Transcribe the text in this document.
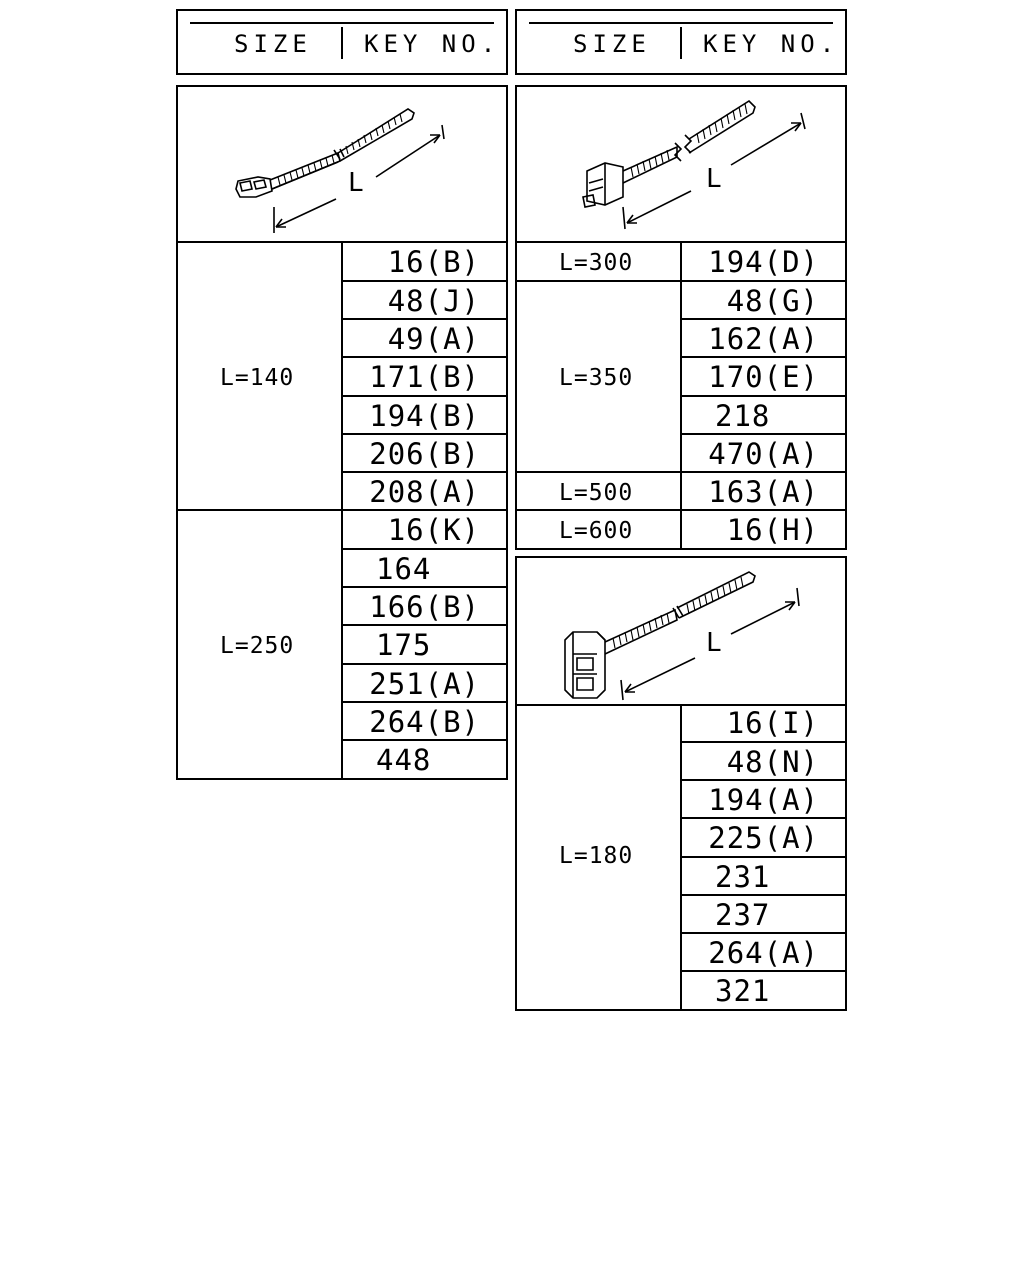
SIZE KEY NO.	SIZE KEY NO.
L
L=140
L=250
16(B)
48(J)
49(A)
171(B)
194(B)
206(B)
208(A)
16(K)
164
166(B)
175
251(A)
264(B)
448
L
L=300
L=350
L=500
L=600
194(D)
48(G)
162(A)
170(E)
218
470(A)
163(A)
16(H)
L
L=180
16(I)
48(N)
194(A)
225(A)
231
237
264(A)
321
